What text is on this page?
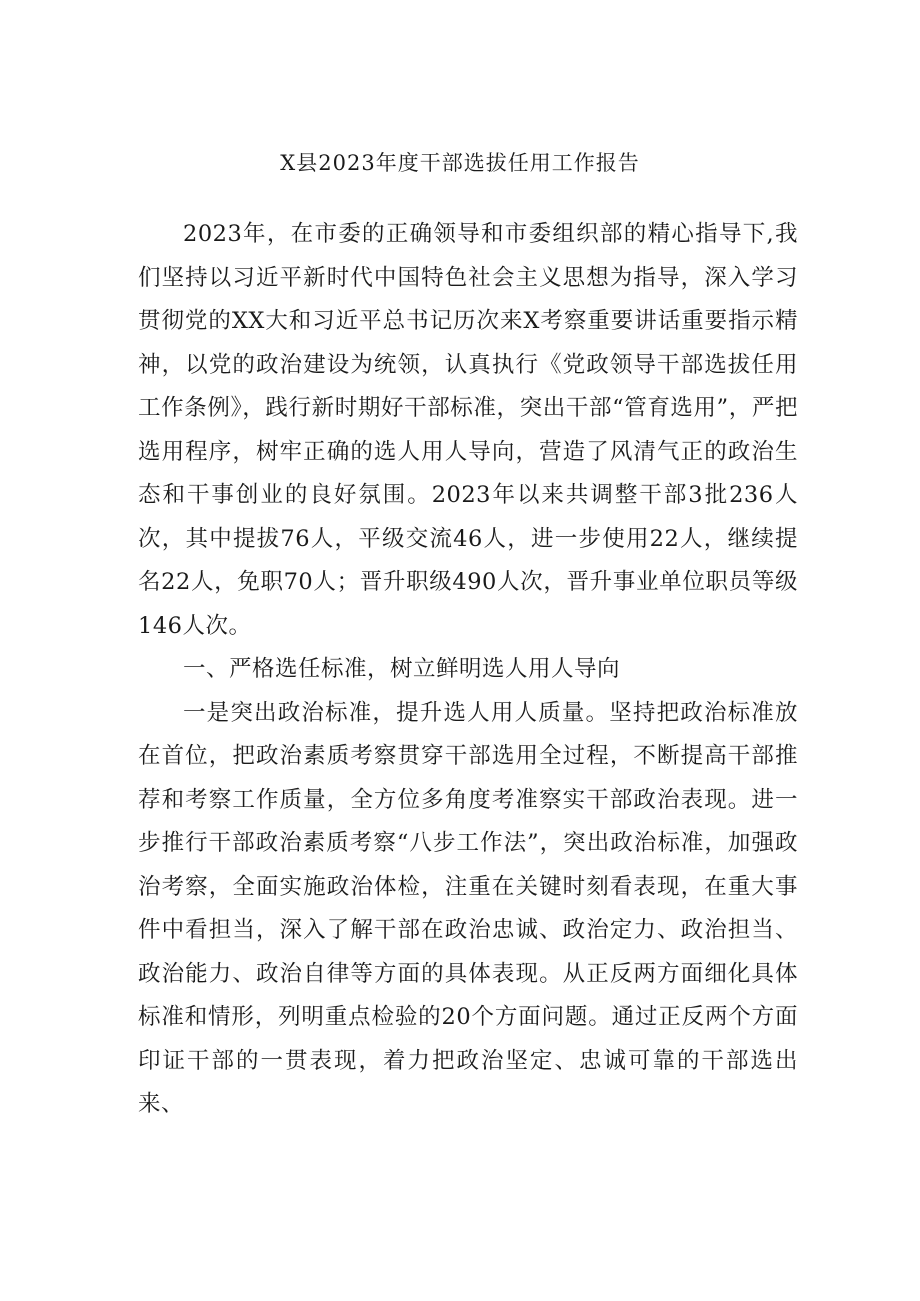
X县2023年度干部选拔任用工作报告

2023年，在市委的正确领导和市委组织部的精心指导下,我们坚持以习近平新时代中国特色社会主义思想为指导，深入学习贯彻党的XX大和习近平总书记历次来X考察重要讲话重要指示精神，以党的政治建设为统领，认真执行《党政领导干部选拔任用工作条例》，践行新时期好干部标准，突出干部“管育选用”，严把选用程序，树牢正确的选人用人导向，营造了风清气正的政治生态和干事创业的良好氛围。2023年以来共调整干部3批236人次，其中提拔76人，平级交流46人，进一步使用22人，继续提名22人，免职70人；晋升职级490人次，晋升事业单位职员等级146人次。

一、严格选任标准，树立鲜明选人用人导向

一是突出政治标准，提升选人用人质量。坚持把政治标准放在首位，把政治素质考察贯穿干部选用全过程，不断提高干部推荐和考察工作质量，全方位多角度考准察实干部政治表现。进一步推行干部政治素质考察“八步工作法”，突出政治标准，加强政治考察，全面实施政治体检，注重在关键时刻看表现，在重大事件中看担当，深入了解干部在政治忠诚、政治定力、政治担当、政治能力、政治自律等方面的具体表现。从正反两方面细化具体标准和情形，列明重点检验的20个方面问题。通过正反两个方面印证干部的一贯表现，着力把政治坚定、忠诚可靠的干部选出来、
